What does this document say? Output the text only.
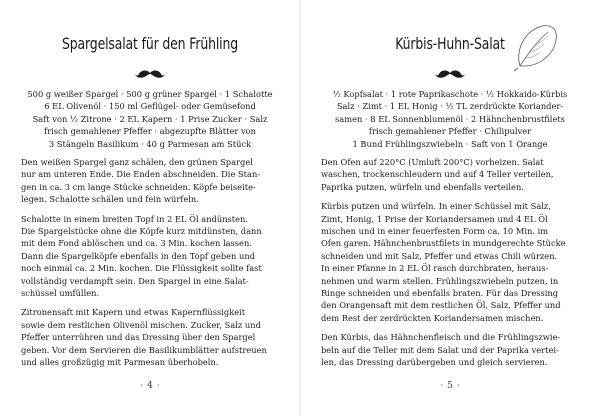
Spargelsalat für den Frühling
500 g weißer Spargel · 500 g grüner Spargel · 1 Schalotte
6 EL Olivenöl · 150 ml Geflügel- oder Gemüsefond
Saft von ½ Zitrone · 2 EL Kapern · 1 Prise Zucker · Salz
frisch gemahlener Pfeffer · abgezupfte Blätter von
3 Stängeln Basilikum · 40 g Parmesan am Stück

Den weißen Spargel ganz schälen, den grünen Spargel
nur am unteren Ende. Die Enden abschneiden. Die Stan-
gen in ca. 3 cm lange Stücke schneiden. Köpfe beiseite-
legen. Schalotte schälen und fein würfeln.

Schalotte in einem breiten Topf in 2 EL Öl andünsten.
Die Spargelstücke ohne die Köpfe kurz mitdünsten, dann
mit dem Fond ablöschen und ca. 3 Min. kochen lassen.
Dann die Spargelköpfe ebenfalls in den Topf geben und
noch einmal ca. 2 Min. kochen. Die Flüssigkeit sollte fast
vollständig verdampft sein. Den Spargel in eine Salat-
schüssel umfüllen.

Zitronensaft mit Kapern und etwas Kapernflüssigkeit
sowie dem restlichen Olivenöl mischen. Zucker, Salz und
Pfeffer unterrühren und das Dressing über den Spargel
geben. Vor dem Servieren die Basilikumblätter aufstreuen
und alles großzügig mit Parmesan überhobeln.

· 4 ·
Kürbis-Huhn-Salat
½ Kopfsalat · 1 rote Paprikaschote · ½ Hokkaido-Kürbis
Salz · Zimt · 1 EL Honig · ½ TL zerdrückte Koriander-
samen · 8 EL Sonnenblumenöl · 2 Hähnchenbrustfilets
frisch gemahlener Pfeffer · Chilipulver
1 Bund Frühlingszwiebeln · Saft von 1 Orange

Den Ofen auf 220°C (Umluft 200°C) vorheizen. Salat
waschen, trockenschleudern und auf 4 Teller verteilen,
Paprika putzen, würfeln und ebenfalls verteilen.

Kürbis putzen und würfeln. In einer Schüssel mit Salz,
Zimt, Honig, 1 Prise der Koriandersamen und 4 EL Öl
mischen und in einer feuerfesten Form ca. 10 Min. im
Ofen garen. Hähnchenbrustfilets in mundgerechte Stücke
schneiden und mit Salz, Pfeffer und etwas Chili würzen.
In einer Pfanne in 2 EL Öl rasch durchbraten, heraus-
nehmen und warm stellen. Frühlingszwiebeln putzen, in
Ringe schneiden und ebenfalls braten. Für das Dressing
den Orangensaft mit dem restlichen Öl, Salz, Pfeffer und
dem Rest der zerdrückten Koriandersamen mischen.

Den Kürbis, das Hähnchenfleisch und die Frühlingszwie-
beln auf die Teller mit dem Salat und der Paprika vertei-
len, das Dressing darübergeben und gleich servieren.

· 5 ·
